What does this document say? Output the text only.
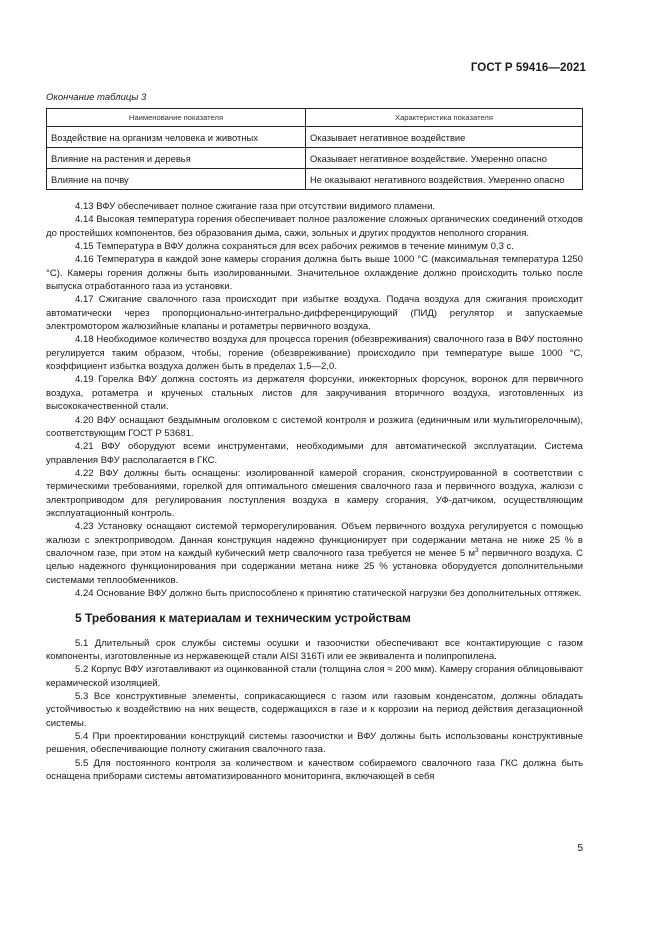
ГОСТ Р 59416—2021
Окончание таблицы 3
Наименование показателя	Характеристика показателя
Воздействие на организм человека и животных	Оказывает негативное воздействие
Влияние на растения и деревья	Оказывает негативное воздействие. Умеренно опасно
Влияние на почву	Не оказывают негативного воздействия. Умеренно опасно

4.13 ВФУ обеспечивает полное сжигание газа при отсутствии видимого пламени.

4.14 Высокая температура горения обеспечивает полное разложение сложных органических соединений отходов до простейших компонентов, без образования дыма, сажи, зольных и других продуктов неполного сгорания.

4.15 Температура в ВФУ должна сохраняться для всех рабочих режимов в течение минимум 0,3 с.

4.16 Температура в каждой зоне камеры сгорания должна быть выше 1000 °C (максимальная температура 1250 °C). Камеры горения должны быть изолированными. Значительное охлаждение должно происходить только после выпуска отработанного газа из установки.

4.17 Сжигание свалочного газа происходит при избытке воздуха. Подача воздуха для сжигания происходит автоматически через пропорционально-интегрально-дифференцирующий (ПИД) регулятор и запускаемые электромотором жалюзийные клапаны и ротаметры первичного воздуха.

4.18 Необходимое количество воздуха для процесса горения (обезвреживания) свалочного газа в ВФУ постоянно регулируется таким образом, чтобы, горение (обезвреживание) происходило при температуре выше 1000 °C, коэффициент избытка воздуха должен быть в пределах 1,5—2,0.

4.19 Горелка ВФУ должна состоять из держателя форсунки, инжекторных форсунок, воронок для первичного воздуха, ротаметра и крученых стальных листов для закручивания вторичного воздуха, изготовленных из высококачественной стали.

4.20 ВФУ оснащают бездымным оголовком с системой контроля и розжига (единичным или мультигорелочным), соответствующим ГОСТ Р 53681.

4.21 ВФУ оборудуют всеми инструментами, необходимыми для автоматической эксплуатации. Система управления ВФУ располагается в ГКС.

4.22 ВФУ должны быть оснащены: изолированной камерой сгорания, сконструированной в соответствии с термическими требованиями, горелкой для оптимального смешения свалочного газа и первичного воздуха, жалюзи с электроприводом для регулирования поступления воздуха в камеру сгорания, УФ-датчиком, осуществляющим эксплуатационный контроль.

4.23 Установку оснащают системой терморегулирования. Объем первичного воздуха регулируется с помощью жалюзи с электроприводом. Данная конструкция надежно функционирует при содержании метана не ниже 25 % в свалочном газе, при этом на каждый кубический метр свалочного газа требуется не менее 5 $м^3$ первичного воздуха. С целью надежного функционирования при содержании метана ниже 25 % установка оборудуется дополнительными системами теплообменников.

4.24 Основание ВФУ должно быть приспособлено к принятию статической нагрузки без дополнительных оттяжек.

5 Требования к материалам и техническим устройствам

5.1 Длительный срок службы системы осушки и газоочистки обеспечивают все контактирующие с газом компоненты, изготовленные из нержавеющей стали AISI 316Ti или ее эквивалента и полипропилена.

5.2 Корпус ВФУ изготавливают из оцинкованной стали (толщина слоя ≈ 200 мкм). Камеру сгорания облицовывают керамической изоляцией.

5.3 Все конструктивные элементы, соприкасающиеся с газом или газовым конденсатом, должны обладать устойчивостью к воздействию на них веществ, содержащихся в газе и к коррозии на период действия дегазационной системы.

5.4 При проектировании конструкций системы газоочистки и ВФУ должны быть использованы конструктивные решения, обеспечивающие полноту сжигания свалочного газа.

5.5 Для постоянного контроля за количеством и качеством собираемого свалочного газа ГКС должна быть оснащена приборами системы автоматизированного мониторинга, включающей в себя

5
